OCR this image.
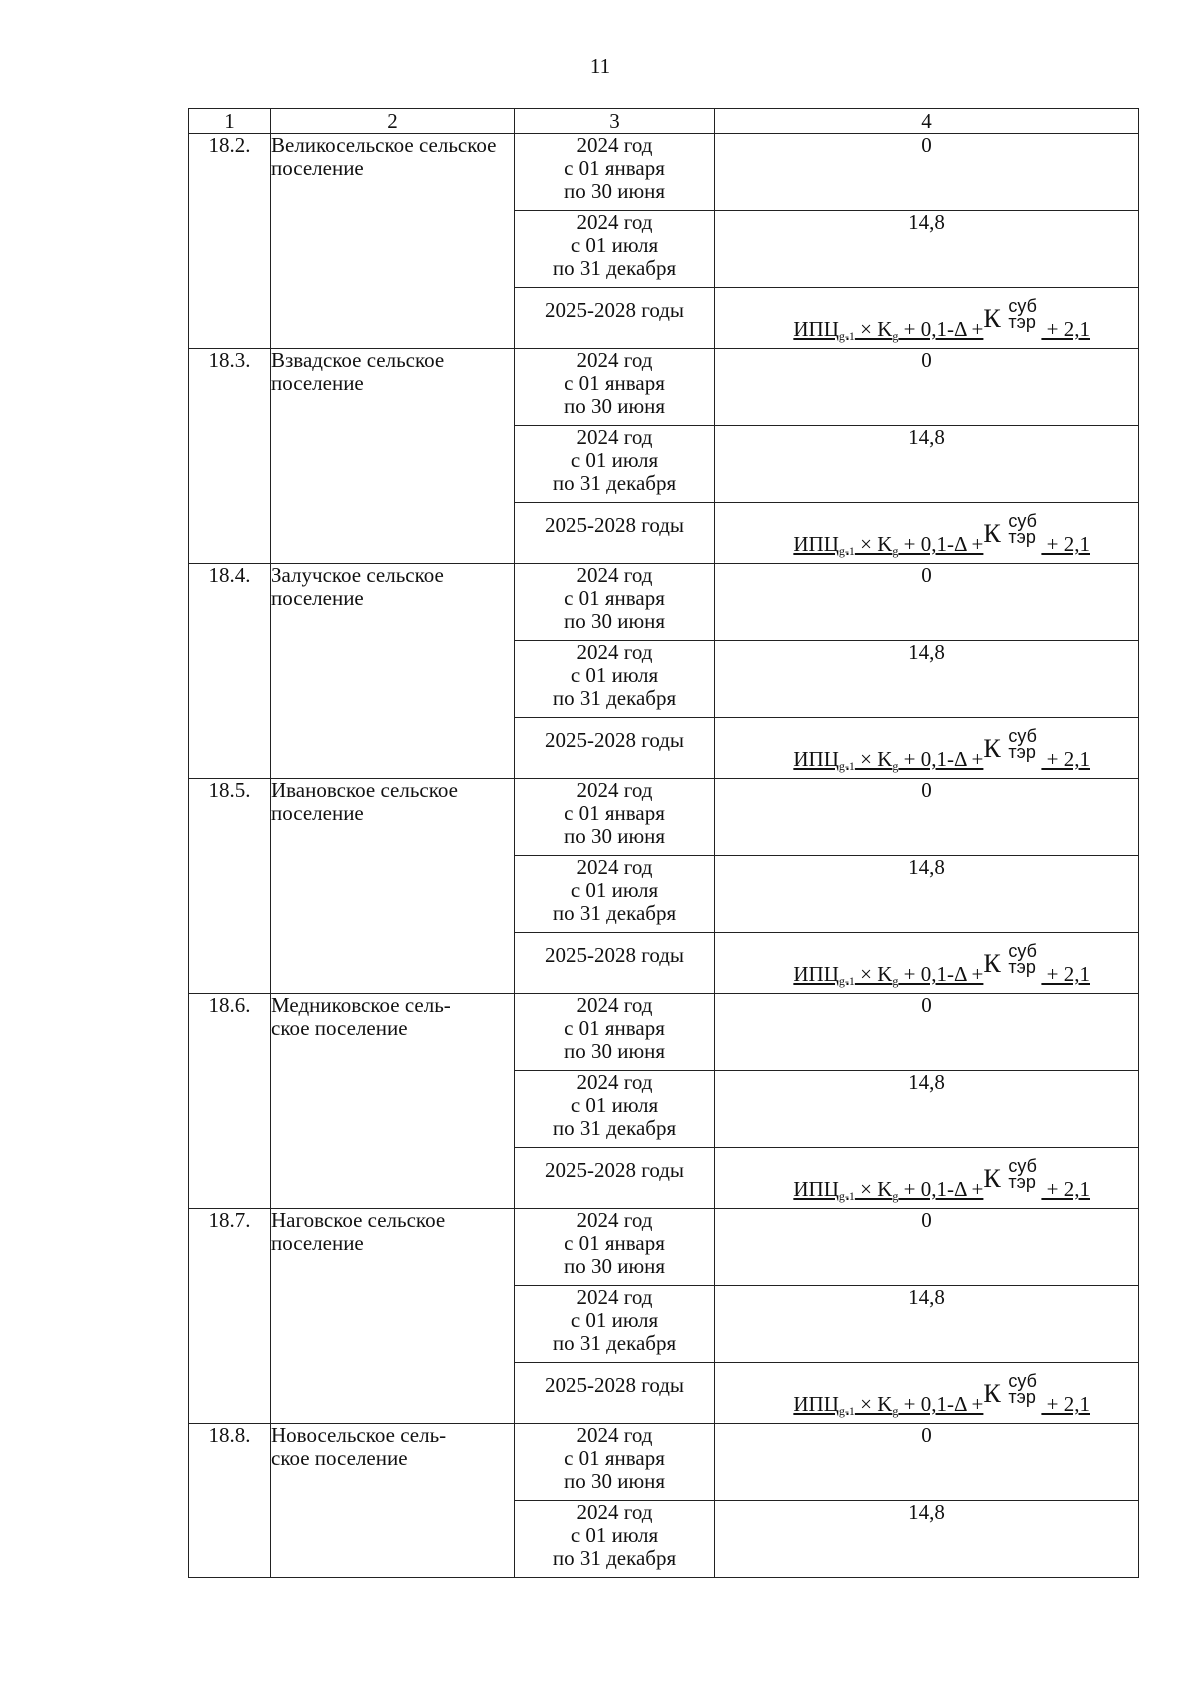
11
1	2	3	4
18.2.	Великосельское сельское поселение	2024 год
с 01 января
по 30 июня	0
		2024 год
с 01 июля
по 31 декабря	14,8
		2025-2028 годы	$ИПЦ_{g-1} \times K_g + 0,1-\Delta + К$ суб
тэр + 2,1

18.3.	Взвадское сельское поселение	2024 год
с 01 января
по 30 июня	0
		2024 год
с 01 июля
по 31 декабря	14,8
		2025-2028 годы	$ИПЦ_{g-1} \times K_g + 0,1-\Delta + К$ суб
тэр + 2,1

18.4.	Залучское сельское поселение	2024 год
с 01 января
по 30 июня	0
		2024 год
с 01 июля
по 31 декабря	14,8
		2025-2028 годы	$ИПЦ_{g-1} \times K_g + 0,1-\Delta + К$ суб
тэр + 2,1

18.5.	Ивановское сельское поселение	2024 год
с 01 января
по 30 июня	0
		2024 год
с 01 июля
по 31 декабря	14,8
		2025-2028 годы	$ИПЦ_{g-1} \times K_g + 0,1-\Delta + К$ суб
тэр + 2,1

18.6.	Медниковское сель-
ское поселение	2024 год
с 01 января
по 30 июня	0
		2024 год
с 01 июля
по 31 декабря	14,8
		2025-2028 годы	$ИПЦ_{g-1} \times K_g + 0,1-\Delta + К$ суб
тэр + 2,1

18.7.	Наговское сельское поселение	2024 год
с 01 января
по 30 июня	0
		2024 год
с 01 июля
по 31 декабря	14,8
		2025-2028 годы	$ИПЦ_{g-1} \times K_g + 0,1-\Delta + К$ суб
тэр + 2,1

18.8.	Новосельское сель-
ское поселение	2024 год
с 01 января
по 30 июня	0
		2024 год
с 01 июля
по 31 декабря	14,8
